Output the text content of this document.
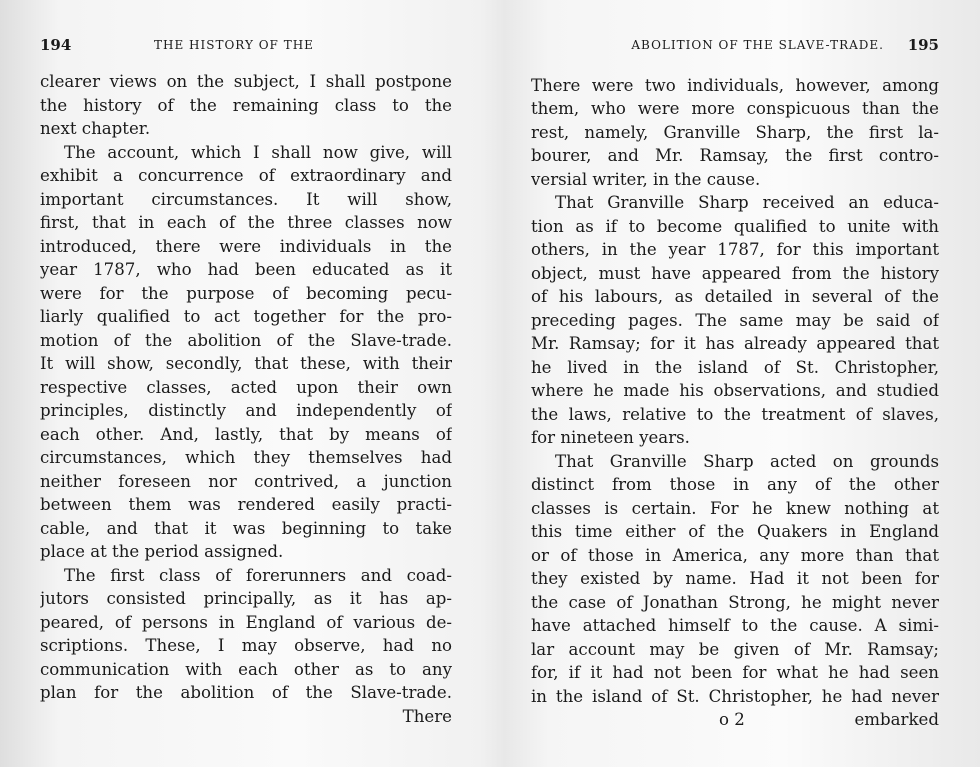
194	THE HISTORY OF THE
clearer views on the subject, I shall postpone
the history of the remaining class to the
next chapter.
The account, which I shall now give, will
exhibit a concurrence of extraordinary and
important circumstances. It will show,
first, that in each of the three classes now
introduced, there were individuals in the
year 1787, who had been educated as it
were for the purpose of becoming pecu-
liarly qualified to act together for the pro-
motion of the abolition of the Slave-trade.
It will show, secondly, that these, with their
respective classes, acted upon their own
principles, distinctly and independently of
each other. And, lastly, that by means of
circumstances, which they themselves had
neither foreseen nor contrived, a junction
between them was rendered easily practi-
cable, and that it was beginning to take
place at the period assigned.
The first class of forerunners and coad-
jutors consisted principally, as it has ap-
peared, of persons in England of various de-
scriptions. These, I may observe, had no
communication with each other as to any
plan for the abolition of the Slave-trade.
There
ABOLITION OF THE SLAVE-TRADE. 195
There were two individuals, however, among
them, who were more conspicuous than the
rest, namely, Granville Sharp, the first la-
bourer, and Mr. Ramsay, the first contro-
versial writer, in the cause.
That Granville Sharp received an educa-
tion as if to become qualified to unite with
others, in the year 1787, for this important
object, must have appeared from the history
of his labours, as detailed in several of the
preceding pages. The same may be said of
Mr. Ramsay; for it has already appeared that
he lived in the island of St. Christopher,
where he made his observations, and studied
the laws, relative to the treatment of slaves,
for nineteen years.
That Granville Sharp acted on grounds
distinct from those in any of the other
classes is certain. For he knew nothing at
this time either of the Quakers in England
or of those in America, any more than that
they existed by name. Had it not been for
the case of Jonathan Strong, he might never
have attached himself to the cause. A simi-
lar account may be given of Mr. Ramsay;
for, if it had not been for what he had seen
in the island of St. Christopher, he had never
o 2	embarked
